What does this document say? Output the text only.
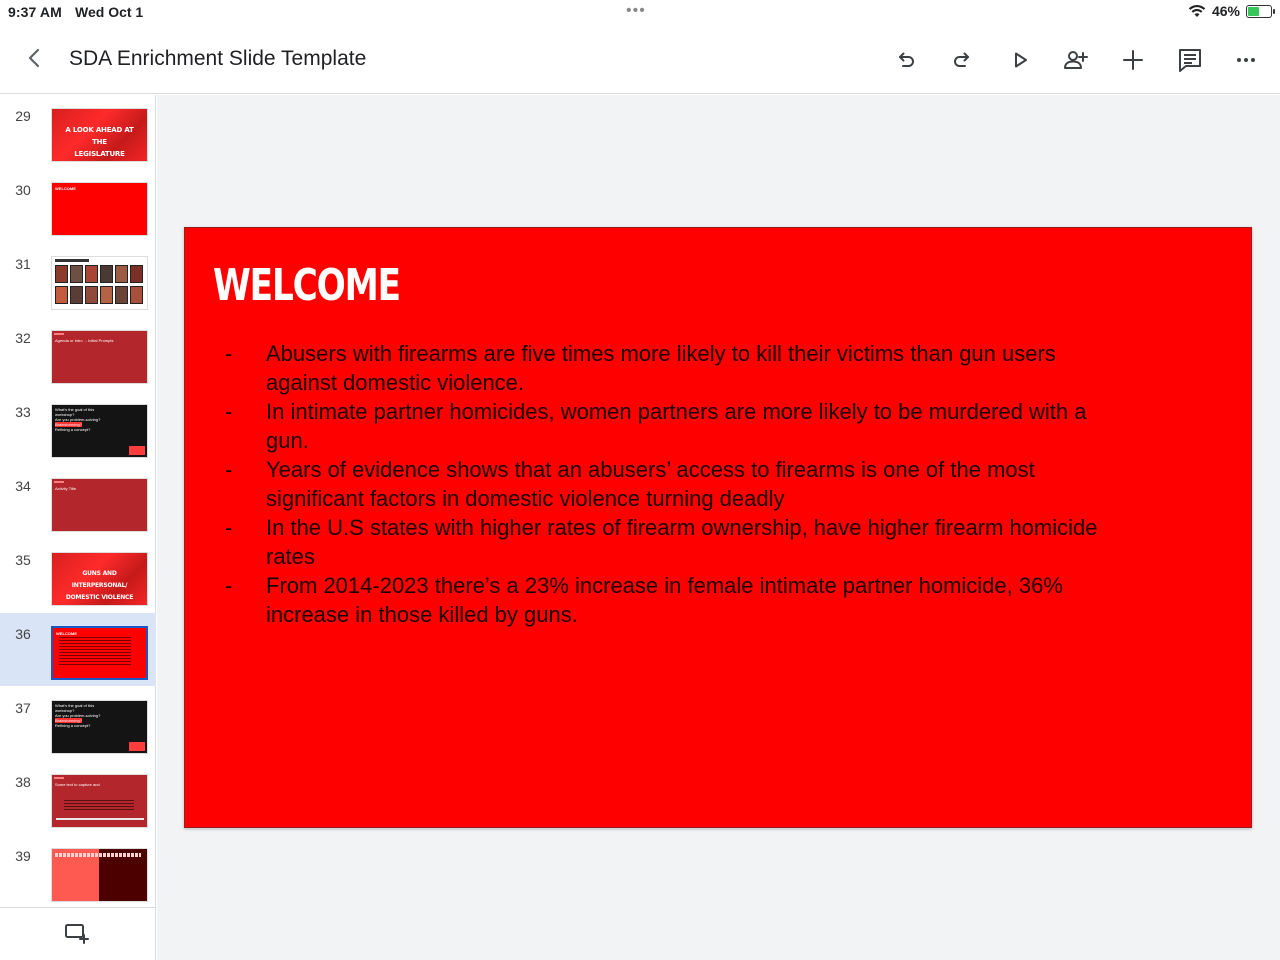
9:37 AM Wed Oct 1	•••	46%
SDA Enrichment Slide Template
29
A LOOK AHEAD AT THE
LEGISLATURE
30	WELCOME
31
32	Agenda or Intro ... Initial Prompts
33	What's the goal of this
workshop?
Are you problem-solving?
Brainstorming?
Refining a concept?
34	Activity Title
35
GUNS AND INTERPERSONAL/
DOMESTIC VIOLENCE
36	WELCOME
37	What's the goal of this
workshop?
Are you problem-solving?
Brainstorming?
Refining a concept?
38	Some text to capture and
39
WELCOME
- Abusers with firearms are five times more likely to kill their victims than gun users against domestic violence.
- In intimate partner homicides, women partners are more likely to be murdered with a gun.
- Years of evidence shows that an abusers’ access to firearms is one of the most significant factors in domestic violence turning deadly
- In the U.S states with higher rates of firearm ownership, have higher firearm homicide rates
- From 2014-2023 there’s a 23% increase in female intimate partner homicide, 36% increase in those killed by guns.
